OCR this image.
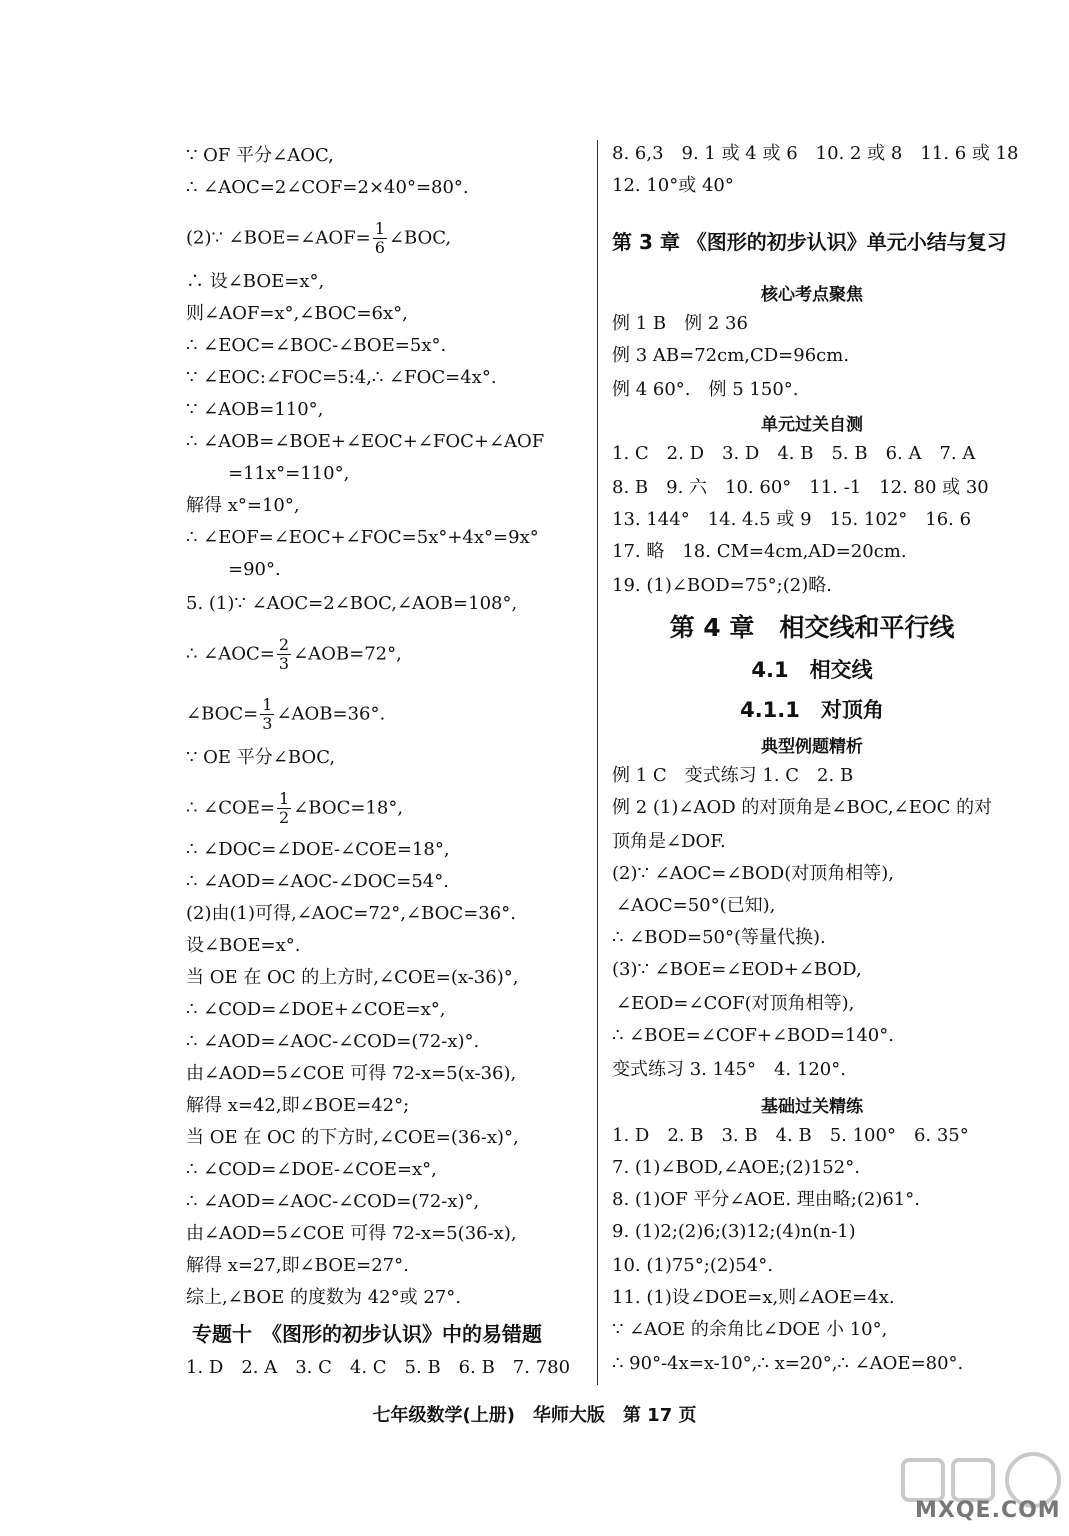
∵ OF 平分∠AOC,
∴ ∠AOC=2∠COF=2×40°=80°.
(2)∵ ∠BOE=∠AOF= $\frac{1}{6}$ ∠BOC,
∴ 设∠BOE=x°,
则∠AOF=x°,∠BOC=6x°,
∴ ∠EOC=∠BOC-∠BOE=5x°.
∵ ∠EOC:∠FOC=5:4,∴ ∠FOC=4x°.
∵ ∠AOB=110°,
∴ ∠AOB=∠BOE+∠EOC+∠FOC+∠AOF
=11x°=110°,
解得 x°=10°,
∴ ∠EOF=∠EOC+∠FOC=5x°+4x°=9x°
=90°.
5. (1)∵ ∠AOC=2∠BOC,∠AOB=108°,
∴ ∠AOC= $\frac{2}{3}$ ∠AOB=72°,
∠BOC= $\frac{1}{3}$ ∠AOB=36°.
∵ OE 平分∠BOC,
∴ ∠COE= $\frac{1}{2}$ ∠BOC=18°,
∴ ∠DOC=∠DOE-∠COE=18°,
∴ ∠AOD=∠AOC-∠DOC=54°.
(2)由(1)可得,∠AOC=72°,∠BOC=36°.
设∠BOE=x°.
当 OE 在 OC 的上方时,∠COE=(x-36)°,
∴ ∠COD=∠DOE+∠COE=x°,
∴ ∠AOD=∠AOC-∠COD=(72-x)°.
由∠AOD=5∠COE 可得 72-x=5(x-36),
解得 x=42,即∠BOE=42°;
当 OE 在 OC 的下方时,∠COE=(36-x)°,
∴ ∠COD=∠DOE-∠COE=x°,
∴ ∠AOD=∠AOC-∠COD=(72-x)°,
由∠AOD=5∠COE 可得 72-x=5(36-x),
解得 x=27,即∠BOE=27°.
综上,∠BOE 的度数为 42°或 27°.
专题十　《图形的初步认识》中的易错题
1. D　2. A　3. C　4. C　5. B　6. B　7. 780
8. 6,3　9. 1 或 4 或 6　10. 2 或 8　11. 6 或 18
12. 10°或 40°
第 3 章 《图形的初步认识》单元小结与复习
核心考点聚焦
例 1 B　例 2 36
例 3 AB=72cm,CD=96cm.
例 4 60°.　例 5 150°.
单元过关自测
1. C　2. D　3. D　4. B　5. B　6. A　7. A
8. B　9. 六　10. 60°　11. -1　12. 80 或 30
13. 144°　14. 4.5 或 9　15. 102°　16. 6
17. 略　18. CM=4cm,AD=20cm.
19. (1)∠BOD=75°;(2)略.
第 4 章　相交线和平行线
4.1　相交线
4.1.1　对顶角
典型例题精析
例 1 C　变式练习 1. C　2. B
例 2 (1)∠AOD 的对顶角是∠BOC,∠EOC 的对
顶角是∠DOF.
(2)∵ ∠AOC=∠BOD(对顶角相等),
∠AOC=50°(已知),
∴ ∠BOD=50°(等量代换).
(3)∵ ∠BOE=∠EOD+∠BOD,
∠EOD=∠COF(对顶角相等),
∴ ∠BOE=∠COF+∠BOD=140°.
变式练习 3. 145°　4. 120°.
基础过关精练
1. D　2. B　3. B　4. B　5. 100°　6. 35°
7. (1)∠BOD,∠AOE;(2)152°.
8. (1)OF 平分∠AOE. 理由略;(2)61°.
9. (1)2;(2)6;(3)12;(4)n(n-1)
10. (1)75°;(2)54°.
11. (1)设∠DOE=x,则∠AOE=4x.
∵ ∠AOE 的余角比∠DOE 小 10°,
∴ 90°-4x=x-10°,∴ x=20°,∴ ∠AOE=80°.
七年级数学(上册)　华师大版　第 17 页
MXQE.COM
